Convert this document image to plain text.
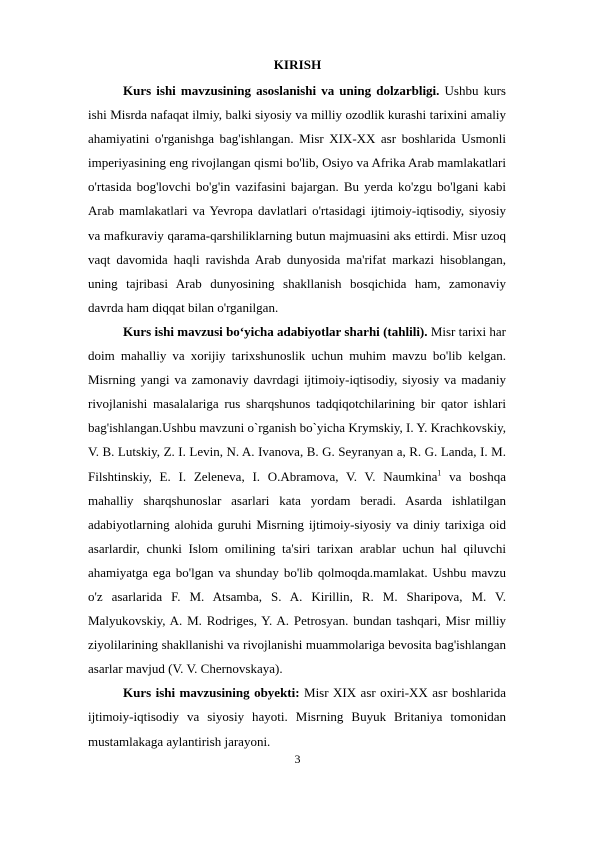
KIRISH

Kurs ishi mavzusining asoslanishi va uning dolzarbligi. Ushbu kurs ishi Misrda nafaqat ilmiy, balki siyosiy va milliy ozodlik kurashi tarixini amaliy ahamiyatini o'rganishga bag'ishlangan. Misr XIX-XX asr boshlarida Usmonli imperiyasining eng rivojlangan qismi bo'lib, Osiyo va Afrika Arab mamlakatlari o'rtasida bog'lovchi bo'g'in vazifasini bajargan. Bu yerda ko'zgu bo'lgani kabi Arab mamlakatlari va Yevropa davlatlari o'rtasidagi ijtimoiy-iqtisodiy, siyosiy va mafkuraviy qarama-qarshiliklarning butun majmuasini aks ettirdi. Misr uzoq vaqt davomida haqli ravishda Arab dunyosida ma'rifat markazi hisoblangan, uning tajribasi Arab dunyosining shakllanish bosqichida ham, zamonaviy davrda ham diqqat bilan o'rganilgan.

Kurs ishi mavzusi bo‘yicha adabiyotlar sharhi (tahlili). Misr tarixi har doim mahalliy va xorijiy tarixshunoslik uchun muhim mavzu bo'lib kelgan. Misrning yangi va zamonaviy davrdagi ijtimoiy-iqtisodiy, siyosiy va madaniy rivojlanishi masalalariga rus sharqshunos tadqiqotchilarining bir qator ishlari bag'ishlangan.Ushbu mavzuni o`rganish bo`yicha Krymskiy, I. Y. Krachkovskiy, V. B. Lutskiy, Z. I. Levin, N. A. Ivanova, B. G. Seyranyan a, R. G. Landa, I. M. Filshtinskiy, E. I. Zeleneva, I. O.Abramova, V. V. Naumkina$^1$ va boshqa mahalliy sharqshunoslar asarlari kata yordam beradi. Asarda ishlatilgan adabiyotlarning alohida guruhi Misrning ijtimoiy-siyosiy va diniy tarixiga oid asarlardir, chunki Islom omilining ta'siri tarixan arablar uchun hal qiluvchi ahamiyatga ega bo'lgan va shunday bo'lib qolmoqda.mamlakat. Ushbu mavzu o'z asarlarida F. M. Atsamba, S. A. Kirillin, R. M. Sharipova, M. V. Malyukovskiy, A. M. Rodriges, Y. A. Petrosyan. bundan tashqari, Misr milliy ziyolilarining shakllanishi va rivojlanishi muammolariga bevosita bag'ishlangan asarlar mavjud (V. V. Chernovskaya).

Kurs ishi mavzusining obyekti: Misr XIX asr oxiri-XX asr boshlarida ijtimoiy-iqtisodiy va siyosiy hayoti. Misrning Buyuk Britaniya tomonidan mustamlakaga aylantirish jarayoni.

3
